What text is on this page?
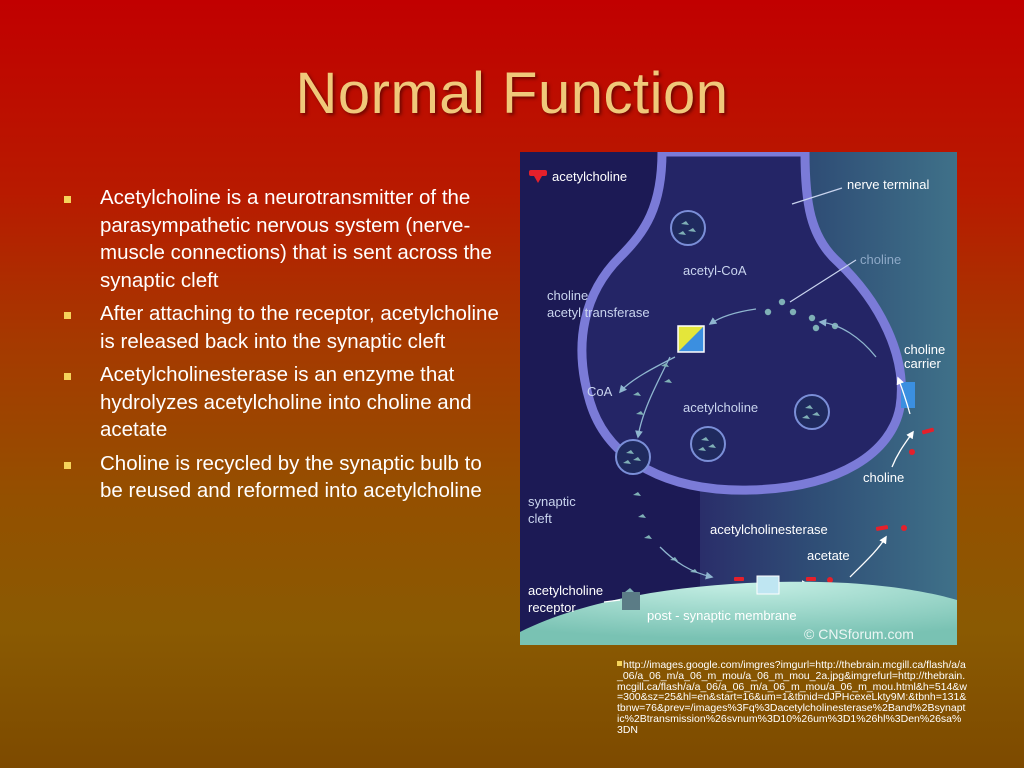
Normal Function
Acetylcholine is a neurotransmitter of the parasympathetic nervous system (nerve-muscle connections) that is sent across the synaptic cleft
After attaching to the receptor, acetylcholine is released back into the synaptic cleft
Acetylcholinesterase is an enzyme that hydrolyzes acetylcholine into choline and acetate
Choline is recycled by the synaptic bulb to be reused and reformed into acetylcholine
acetylcholine
nerve terminal
choline
acetyl-CoA
choline
acetyl transferase
CoA
acetylcholine
choline
carrier
choline
synaptic
cleft
acetylcholinesterase
acetate
acetylcholine
receptor
post - synaptic membrane
© CNSforum.com
http://images.google.com/imgres?imgurl=http://thebrain.mcgill.ca/flash/a/a_06/a_06_m/a_06_m_mou/a_06_m_mou_2a.jpg&imgrefurl=http://thebrain.mcgill.ca/flash/a/a_06/a_06_m/a_06_m_mou/a_06_m_mou.html&h=514&w=300&sz=25&hl=en&start=16&um=1&tbnid=dJPHcexeLkty9M:&tbnh=131&tbnw=76&prev=/images%3Fq%3Dacetylcholinesterase%2Band%2Bsynaptic%2Btransmission%26svnum%3D10%26um%3D1%26hl%3Den%26sa%3DN
